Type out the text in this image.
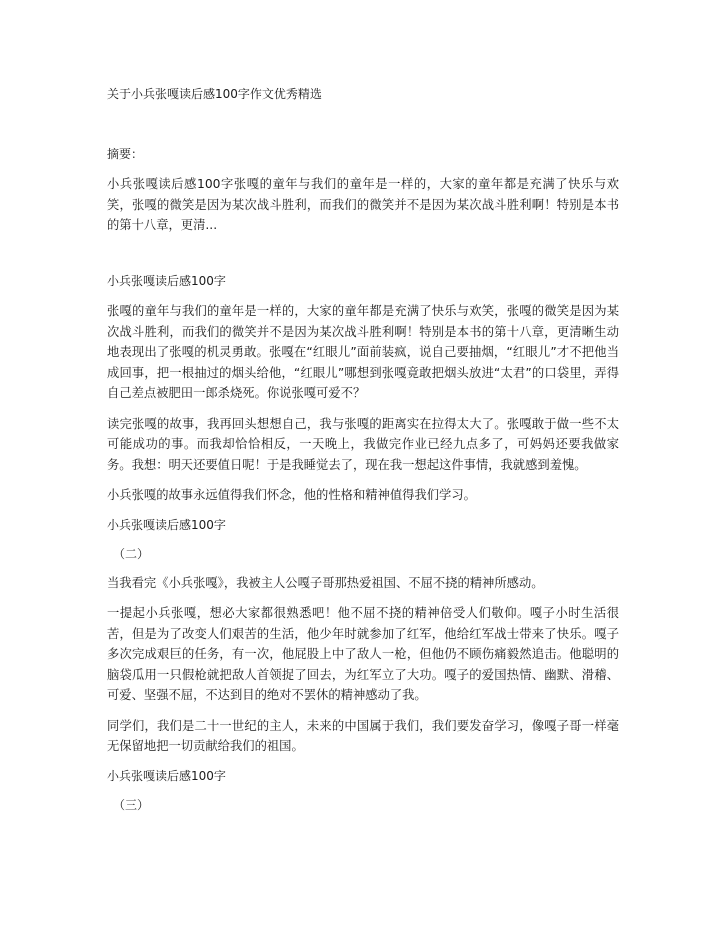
关于小兵张嘎读后感100字作文优秀精选
摘要：
小兵张嘎读后感100字张嘎的童年与我们的童年是一样的，大家的童年都是充满了快乐与欢笑，张嘎的微笑是因为某次战斗胜利，而我们的微笑并不是因为某次战斗胜利啊！特别是本书的第十八章，更清...
小兵张嘎读后感100字

张嘎的童年与我们的童年是一样的，大家的童年都是充满了快乐与欢笑，张嘎的微笑是因为某次战斗胜利，而我们的微笑并不是因为某次战斗胜利啊！特别是本书的第十八章，更清晰生动地表现出了张嘎的机灵勇敢。张嘎在“红眼儿”面前装疯，说自己要抽烟，“红眼儿”才不把他当成回事，把一根抽过的烟头给他，“红眼儿”哪想到张嘎竟敢把烟头放进“太君”的口袋里，弄得自己差点被肥田一郎杀烧死。你说张嘎可爱不？

读完张嘎的故事，我再回头想想自己，我与张嘎的距离实在拉得太大了。张嘎敢于做一些不太可能成功的事。而我却恰恰相反，一天晚上，我做完作业已经九点多了，可妈妈还要我做家务。我想：明天还要值日呢！于是我睡觉去了，现在我一想起这件事情，我就感到羞愧。

小兵张嘎的故事永远值得我们怀念，他的性格和精神值得我们学习。

小兵张嘎读后感100字
（二）

当我看完《小兵张嘎》，我被主人公嘎子哥那热爱祖国、不屈不挠的精神所感动。

一提起小兵张嘎，想必大家都很熟悉吧！他不屈不挠的精神倍受人们敬仰。嘎子小时生活很苦，但是为了改变人们艰苦的生活，他少年时就参加了红军，他给红军战士带来了快乐。嘎子多次完成艰巨的任务，有一次，他屁股上中了敌人一枪，但他仍不顾伤痛毅然追击。他聪明的脑袋瓜用一只假枪就把敌人首领捉了回去，为红军立了大功。嘎子的爱国热情、幽默、滑稽、可爱、坚强不屈，不达到目的绝对不罢休的精神感动了我。

同学们，我们是二十一世纪的主人，未来的中国属于我们，我们要发奋学习，像嘎子哥一样毫无保留地把一切贡献给我们的祖国。

小兵张嘎读后感100字
（三）
